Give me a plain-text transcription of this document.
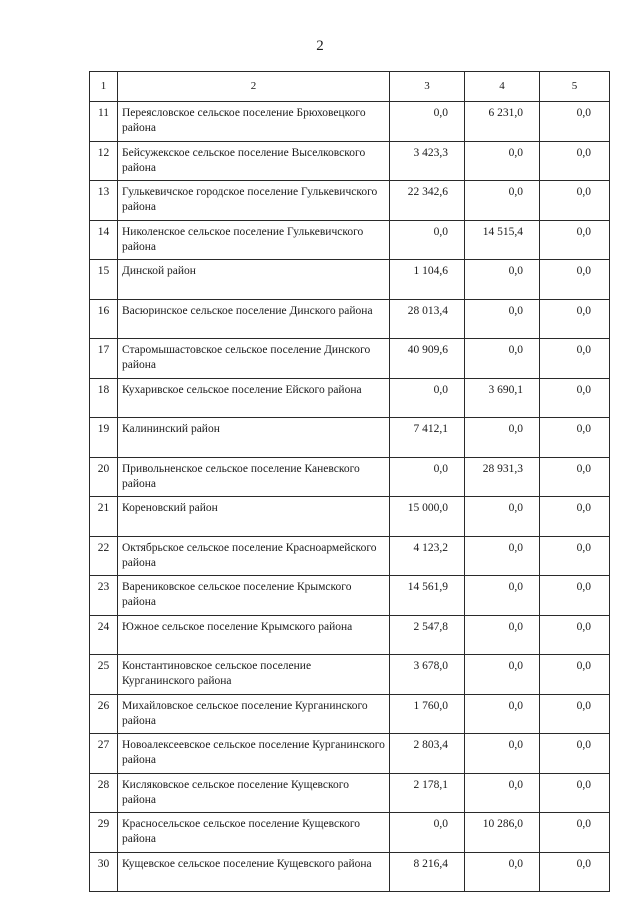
2
1	2	3	4	5
11	Переясловское сельское поселение Брюховецкого района	0,0	6 231,0	0,0
12	Бейсужекское сельское поселение Выселковского района	3 423,3	0,0	0,0
13	Гулькевичское городское поселение Гулькевичского района	22 342,6	0,0	0,0
14	Николенское сельское поселение Гулькевичского района	0,0	14 515,4	0,0
15	Динской район	1 104,6	0,0	0,0
16	Васюринское сельское поселение Динского района	28 013,4	0,0	0,0
17	Старомышастовское сельское поселение Динского района	40 909,6	0,0	0,0
18	Кухаривское сельское поселение Ейского района	0,0	3 690,1	0,0
19	Калининский район	7 412,1	0,0	0,0
20	Привольненское сельское поселение Каневского района	0,0	28 931,3	0,0
21	Кореновский район	15 000,0	0,0	0,0
22	Октябрьское сельское поселение Красноармейского района	4 123,2	0,0	0,0
23	Варениковское сельское поселение Крымского района	14 561,9	0,0	0,0
24	Южное сельское поселение Крымского района	2 547,8	0,0	0,0
25	Константиновское сельское поселение Курганинского района	3 678,0	0,0	0,0
26	Михайловское сельское поселение Курганинского района	1 760,0	0,0	0,0
27	Новоалексеевское сельское поселение Курганинского района	2 803,4	0,0	0,0
28	Кисляковское сельское поселение Кущевского района	2 178,1	0,0	0,0
29	Красносельское сельское поселение Кущевского района	0,0	10 286,0	0,0
30	Кущевское сельское поселение Кущевского района	8 216,4	0,0	0,0
